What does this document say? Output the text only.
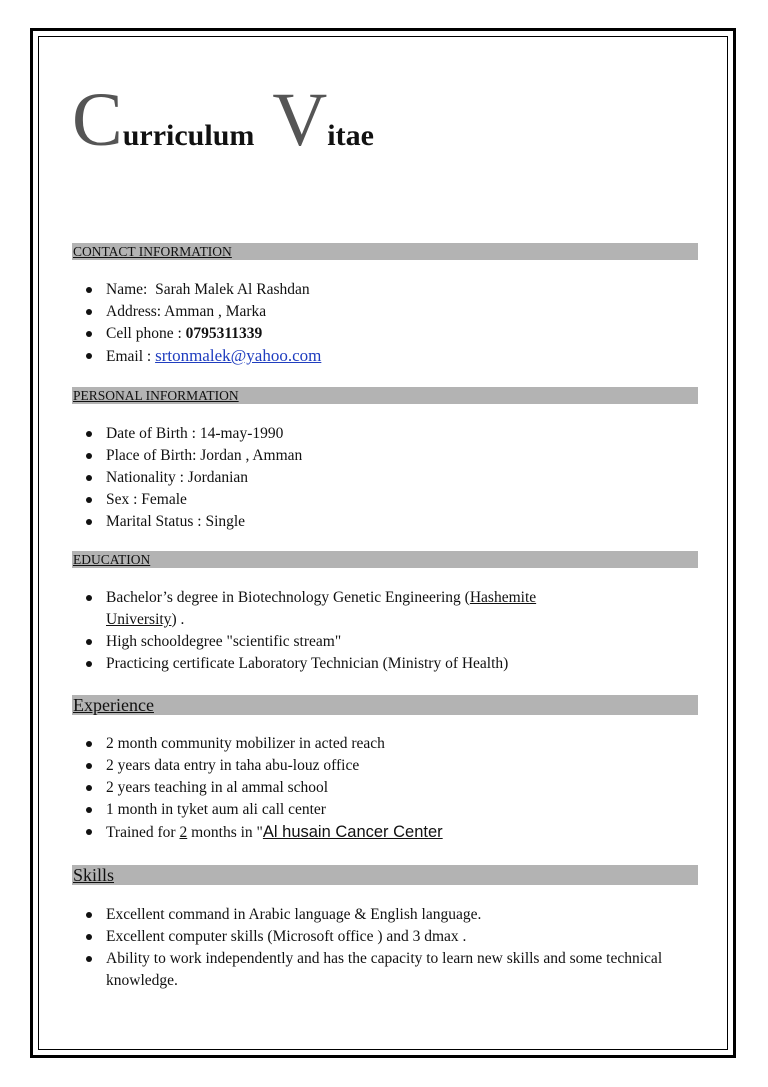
Curriculum Vitae
CONTACT INFORMATION
Name: Sarah Malek Al Rashdan
Address: Amman , Marka
Cell phone : 0795311339
Email : srtonmalek@yahoo.com
PERSONAL INFORMATION
Date of Birth : 14-may-1990
Place of Birth: Jordan , Amman
Nationality : Jordanian
Sex : Female
Marital Status : Single
EDUCATION
Bachelor’s degree in Biotechnology Genetic Engineering (Hashemite
University) .
High schooldegree "scientific stream"
Practicing certificate Laboratory Technician (Ministry of Health)
Experience
2 month community mobilizer in acted reach
2 years data entry in taha abu-louz office
2 years teaching in al ammal school
1 month in tyket aum ali call center
Trained for 2 months in "Al husain Cancer Center
Skills
Excellent command in Arabic language & English language.
Excellent computer skills (Microsoft office ) and 3 dmax .
Ability to work independently and has the capacity to learn new skills and some technical knowledge.
